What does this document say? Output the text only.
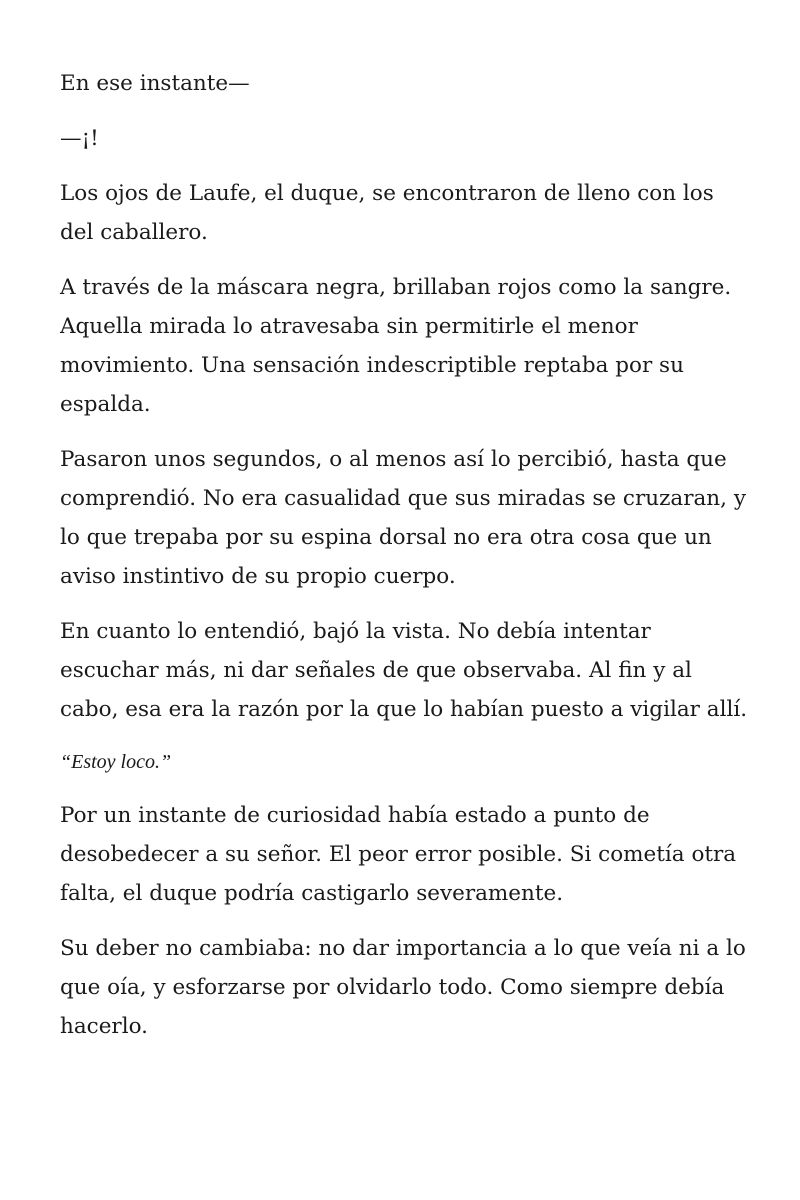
En ese instante—

—¡!

Los ojos de Laufe, el duque, se encontraron de lleno con los del caballero.

A través de la máscara negra, brillaban rojos como la sangre. Aquella mirada lo atravesaba sin permitirle el menor movimiento. Una sensación indescriptible reptaba por su espalda.

Pasaron unos segundos, o al menos así lo percibió, hasta que comprendió. No era casualidad que sus miradas se cruzaran, y lo que trepaba por su espina dorsal no era otra cosa que un aviso instintivo de su propio cuerpo.

En cuanto lo entendió, bajó la vista. No debía intentar escuchar más, ni dar señales de que observaba. Al fin y al cabo, esa era la razón por la que lo habían puesto a vigilar allí.

“Estoy loco.”

Por un instante de curiosidad había estado a punto de desobedecer a su señor. El peor error posible. Si cometía otra falta, el duque podría castigarlo severamente.

Su deber no cambiaba: no dar importancia a lo que veía ni a lo que oía, y esforzarse por olvidarlo todo. Como siempre debía hacerlo.
